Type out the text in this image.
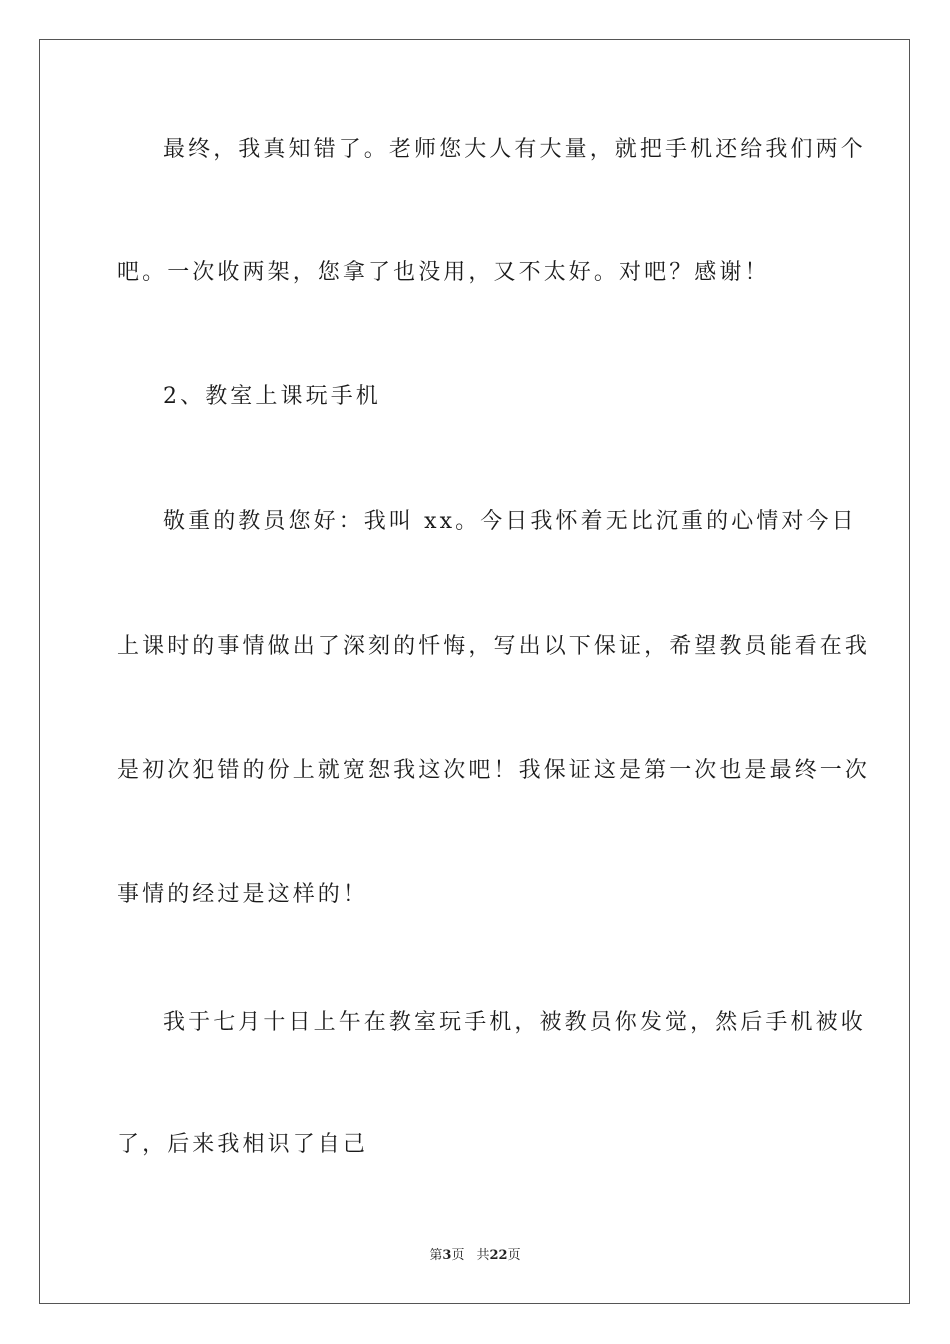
最终，我真知错了。老师您大人有大量，就把手机还给我们两个
吧。一次收两架，您拿了也没用，又不太好。对吧？感谢！
2、教室上课玩手机
敬重的教员您好：我叫 xx。今日我怀着无比沉重的心情对今日
上课时的事情做出了深刻的忏悔，写出以下保证，希望教员能看在我
是初次犯错的份上就宽恕我这次吧！我保证这是第一次也是最终一次
事情的经过是这样的！
我于七月十日上午在教室玩手机，被教员你发觉，然后手机被收
了，后来我相识了自己
第3页 共22页
